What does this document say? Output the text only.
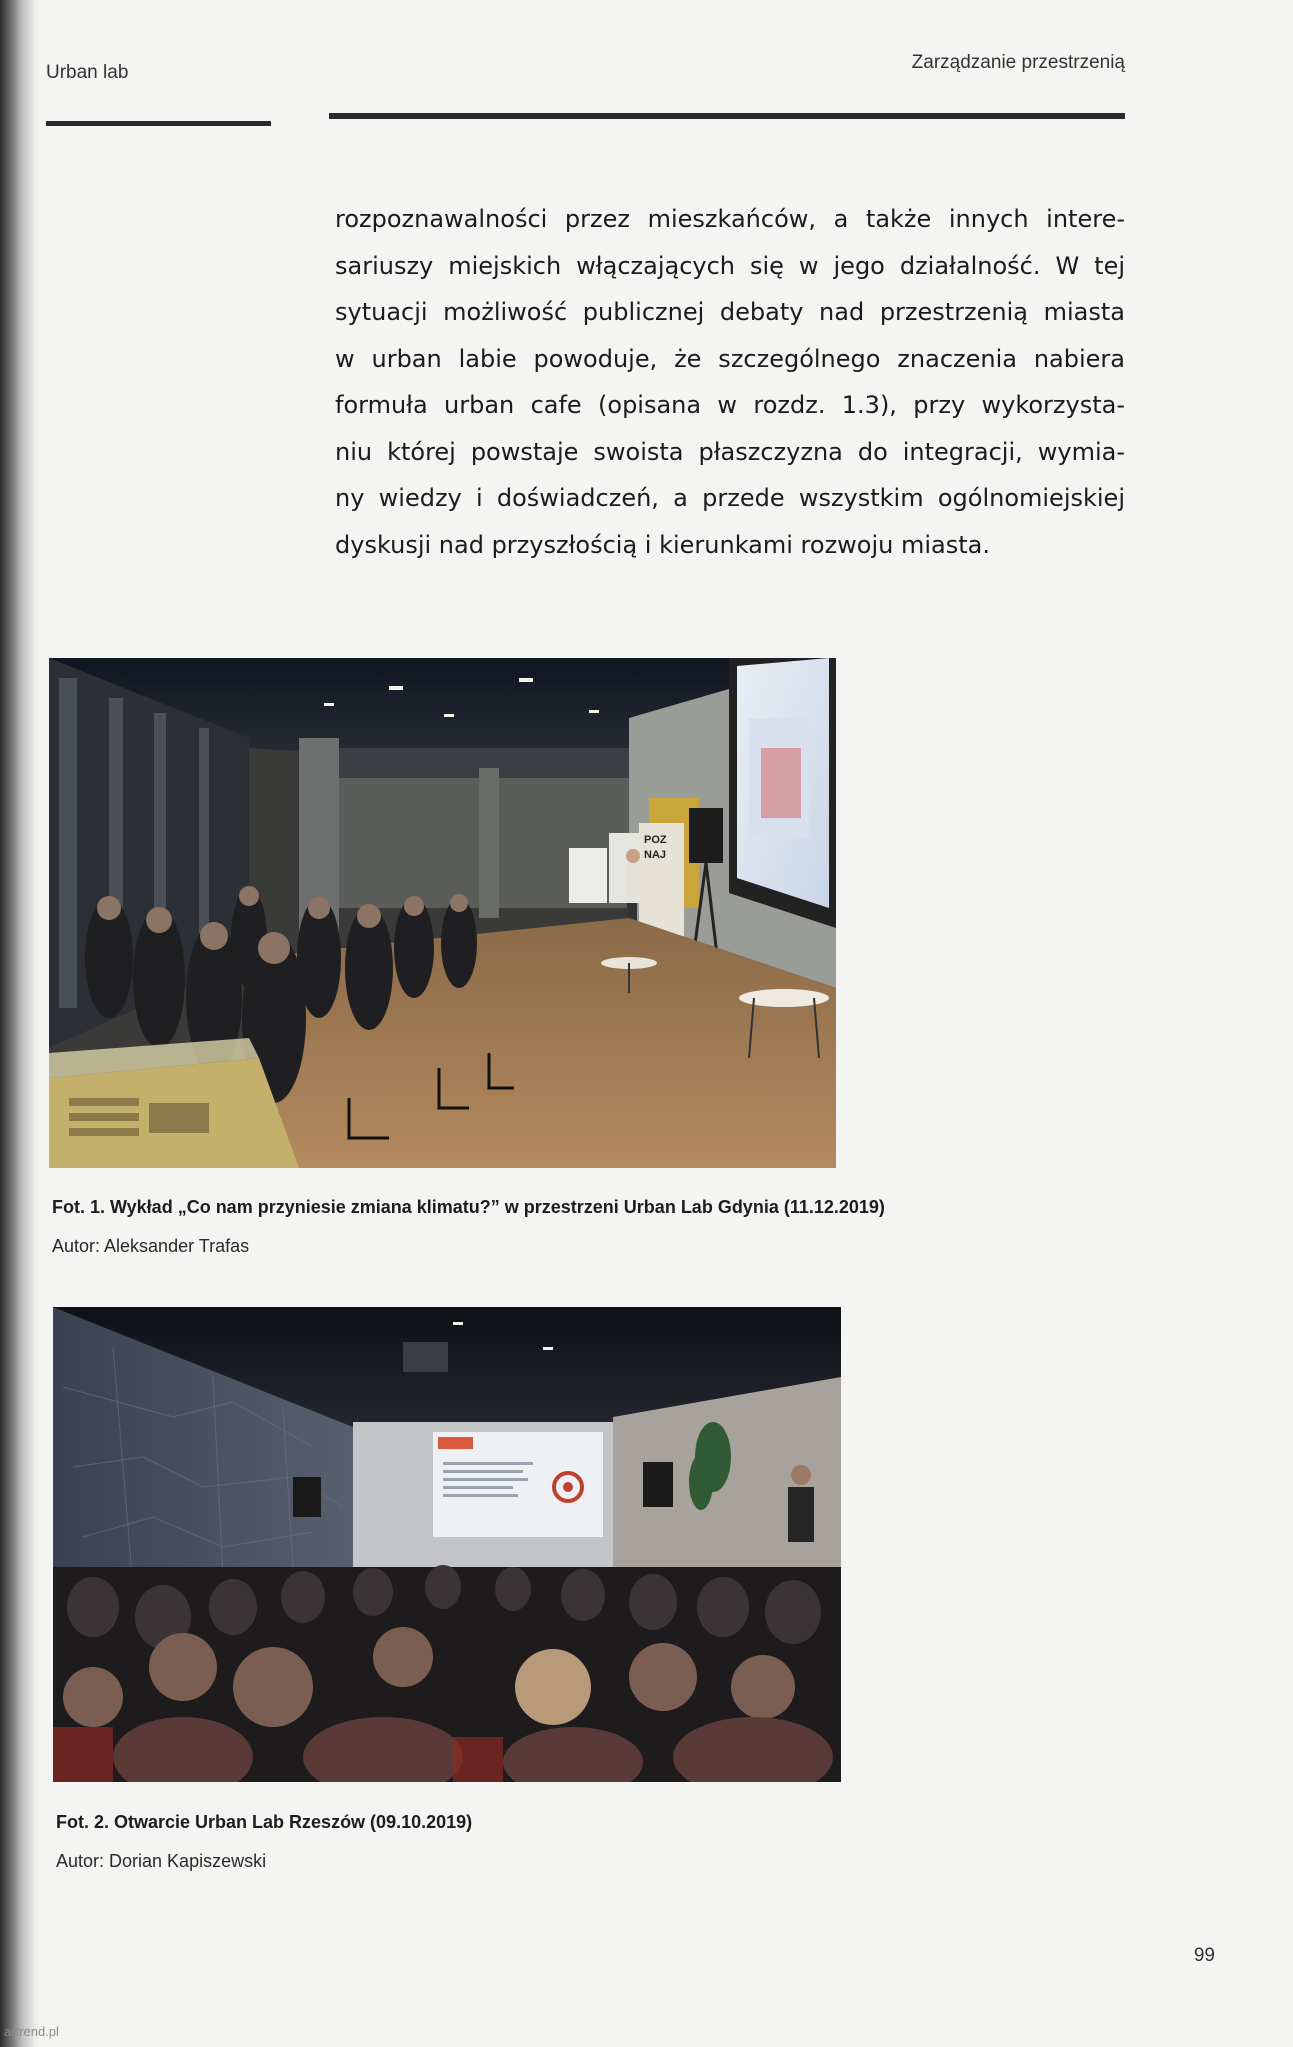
Urban lab	Zarządzanie przestrzenią
rozpoznawalności przez mieszkańców, a także innych intere-
sariuszy miejskich włączających się w jego działalność. W tej
sytuacji możliwość publicznej debaty nad przestrzenią miasta
w urban labie powoduje, że szczególnego znaczenia nabiera
formuła urban cafe (opisana w rozdz. 1.3), przy wykorzysta-
niu której powstaje swoista płaszczyzna do integracji, wymia-
ny wiedzy i doświadczeń, a przede wszystkim ogólnomiejskiej
dyskusji nad przyszłością i kierunkami rozwoju miasta.
POZ
NAJ
Fot. 1. Wykład „Co nam przyniesie zmiana klimatu?” w przestrzeni Urban Lab Gdynia (11.12.2019)
Autor: Aleksander Trafas
Fot. 2. Otwarcie Urban Lab Rzeszów (09.10.2019)
Autor: Dorian Kapiszewski
99
artrend.pl
